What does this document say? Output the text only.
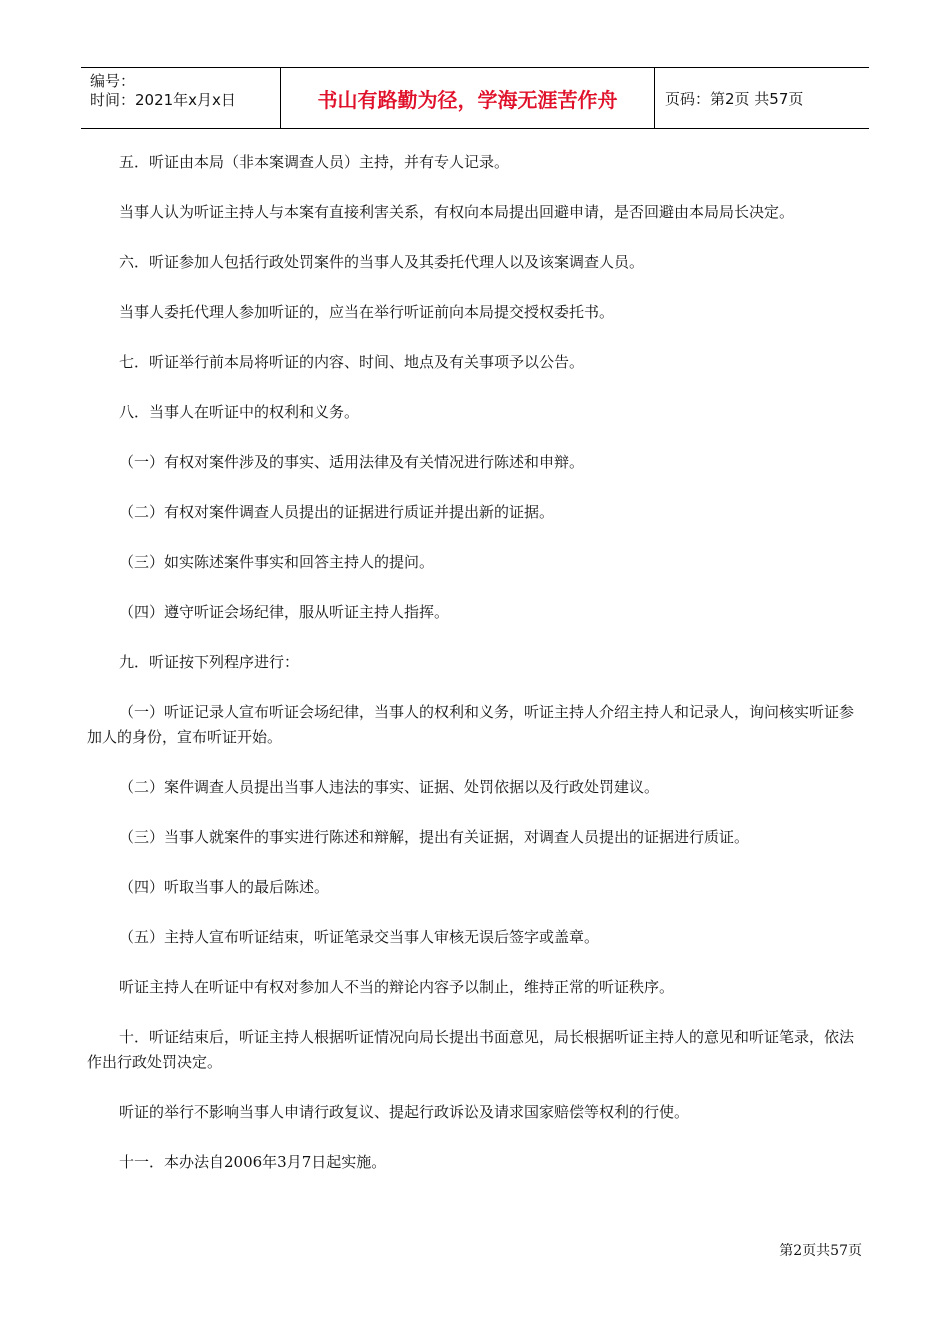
编号：
时间：2021年x月x日	书山有路勤为径，学海无涯苦作舟	页码：第2页 共57页

五．听证由本局（非本案调查人员）主持，并有专人记录。

当事人认为听证主持人与本案有直接利害关系，有权向本局提出回避申请，是否回避由本局局长决定。

六．听证参加人包括行政处罚案件的当事人及其委托代理人以及该案调查人员。

当事人委托代理人参加听证的，应当在举行听证前向本局提交授权委托书。

七．听证举行前本局将听证的内容、时间、地点及有关事项予以公告。

八．当事人在听证中的权利和义务。

（一）有权对案件涉及的事实、适用法律及有关情况进行陈述和申辩。

（二）有权对案件调查人员提出的证据进行质证并提出新的证据。

（三）如实陈述案件事实和回答主持人的提问。

（四）遵守听证会场纪律，服从听证主持人指挥。

九．听证按下列程序进行：

（一）听证记录人宣布听证会场纪律，当事人的权利和义务，听证主持人介绍主持人和记录人，询问核实听证参加人的身份，宣布听证开始。

（二）案件调查人员提出当事人违法的事实、证据、处罚依据以及行政处罚建议。

（三）当事人就案件的事实进行陈述和辩解，提出有关证据，对调查人员提出的证据进行质证。

（四）听取当事人的最后陈述。

（五）主持人宣布听证结束，听证笔录交当事人审核无误后签字或盖章。

听证主持人在听证中有权对参加人不当的辩论内容予以制止，维持正常的听证秩序。

十．听证结束后，听证主持人根据听证情况向局长提出书面意见，局长根据听证主持人的意见和听证笔录，依法作出行政处罚决定。

听证的举行不影响当事人申请行政复议、提起行政诉讼及请求国家赔偿等权利的行使。

十一．本办法自2006年3月7日起实施。

第2页共57页
